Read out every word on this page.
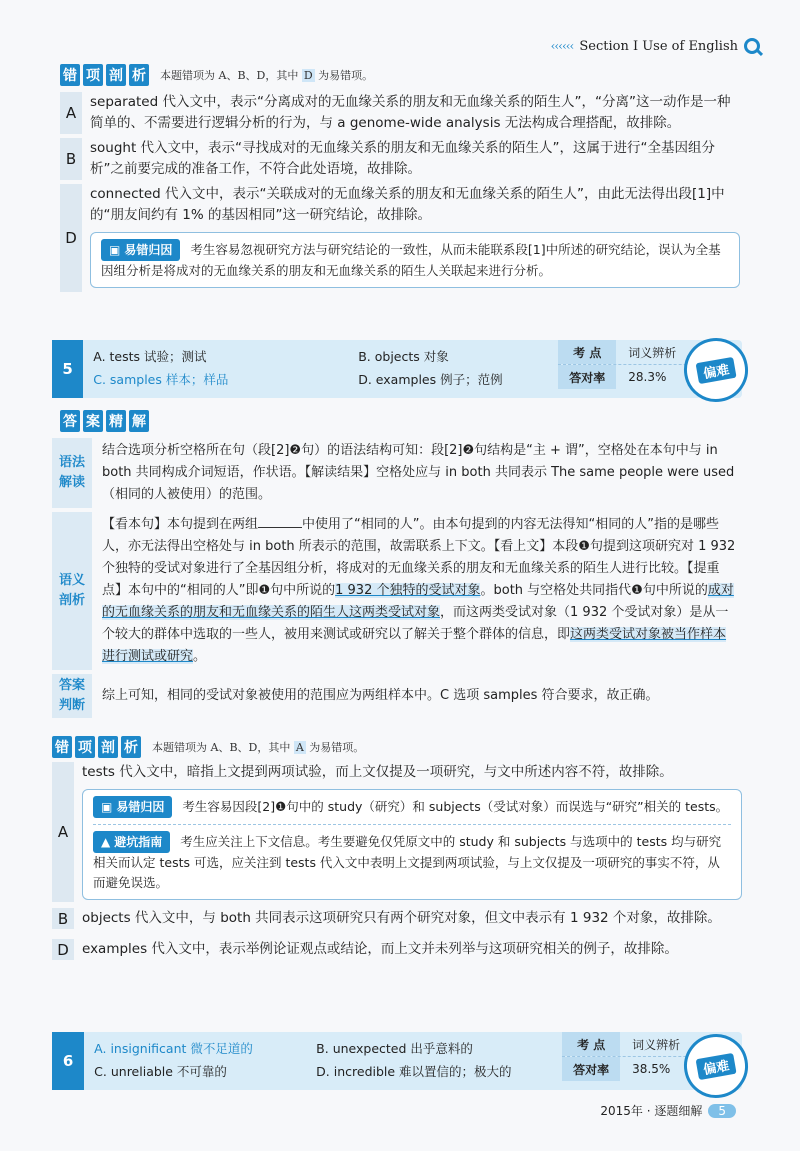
‹‹‹‹‹‹ Section I Use of English
错 项 剖 析 本题错项为 A、B、D，其中 D 为易错项。
A
separated 代入文中，表示“分离成对的无血缘关系的朋友和无血缘关系的陌生人”，“分离”这一动作是一种简单的、不需要进行逻辑分析的行为，与 a genome-wide analysis 无法构成合理搭配，故排除。
B
sought 代入文中，表示“寻找成对的无血缘关系的朋友和无血缘关系的陌生人”，这属于进行“全基因组分析”之前要完成的准备工作，不符合此处语境，故排除。
D
connected 代入文中，表示“关联成对的无血缘关系的朋友和无血缘关系的陌生人”，由此无法得出段[1]中的“朋友间约有 1% 的基因相同”这一研究结论，故排除。
▣ 易错归因 考生容易忽视研究方法与研究结论的一致性，从而未能联系段[1]中所述的研究结论，误认为全基因组分析是将成对的无血缘关系的朋友和无血缘关系的陌生人关联起来进行分析。
5
A. tests 试验；测试	B. objects 对象
C. samples 样本；样品	D. examples 例子；范例
考 点	词义辨析
答对率	28.3%	偏难
答 案 精 解
语法解读
结合选项分析空格所在句（段[2]❷句）的语法结构可知：段[2]❷句结构是“主 + 谓”，空格处在本句中与 in both 共同构成介词短语，作状语。【解读结果】空格处应与 in both 共同表示 The same people were used（相同的人被使用）的范围。
语义剖析
【看本句】本句提到在两组	中使用了“相同的人”。由本句提到的内容无法得知“相同的人”指的是哪些人，亦无法得出空格处与 in both 所表示的范围，故需联系上下文。【看上文】本段❶句提到这项研究对 1 932 个独特的受试对象进行了全基因组分析，将成对的无血缘关系的朋友和无血缘关系的陌生人进行比较。【提重点】本句中的“相同的人”即❶句中所说的1 932 个独特的受试对象。both 与空格处共同指代❶句中所说的成对的无血缘关系的朋友和无血缘关系的陌生人这两类受试对象，而这两类受试对象（1 932 个受试对象）是从一个较大的群体中选取的一些人，被用来测试或研究以了解关于整个群体的信息，即这两类受试对象被当作样本进行测试或研究。
答案判断
综上可知，相同的受试对象被使用的范围应为两组样本中。C 选项 samples 符合要求，故正确。
错 项 剖 析 本题错项为 A、B、D，其中 A 为易错项。
A
tests 代入文中，暗指上文提到两项试验，而上文仅提及一项研究，与文中所述内容不符，故排除。
▣ 易错归因 考生容易因段[2]❶句中的 study（研究）和 subjects（受试对象）而误选与“研究”相关的 tests。
▲ 避坑指南 考生应关注上下文信息。考生要避免仅凭原文中的 study 和 subjects 与选项中的 tests 均与研究相关而认定 tests 可选，应关注到 tests 代入文中表明上文提到两项试验，与上文仅提及一项研究的事实不符，从而避免误选。
B	objects 代入文中，与 both 共同表示这项研究只有两个研究对象，但文中表示有 1 932 个对象，故排除。
D examples 代入文中，表示举例论证观点或结论，而上文并未列举与这项研究相关的例子，故排除。
6
A. insignificant 微不足道的	B. unexpected 出乎意料的
C. unreliable 不可靠的	D. incredible 难以置信的；极大的
考 点	词义辨析
答对率	38.5%	偏难
2015年 · 逐题细解	5
